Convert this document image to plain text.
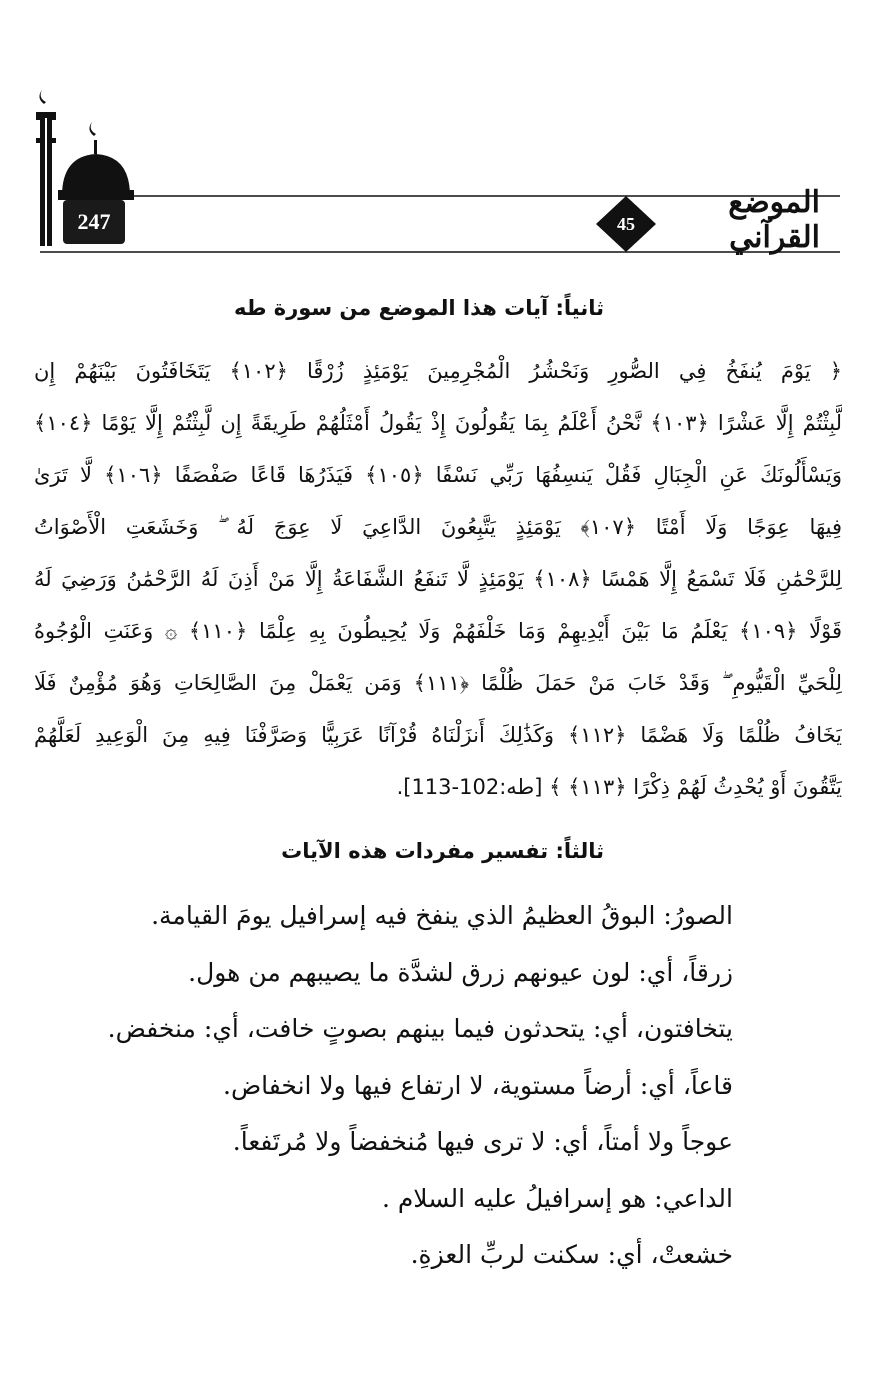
247	45
الموضع القرآني
ثانياً: آيات هذا الموضع من سورة طه
﴿ يَوْمَ يُنفَخُ فِي الصُّورِ وَنَحْشُرُ الْمُجْرِمِينَ يَوْمَئِذٍ زُرْقًا ﴿١٠٢﴾ يَتَخَافَتُونَ بَيْنَهُمْ إِن
لَّبِثْتُمْ إِلَّا عَشْرًا ﴿١٠٣﴾ نَّحْنُ أَعْلَمُ بِمَا يَقُولُونَ إِذْ يَقُولُ أَمْثَلُهُمْ طَرِيقَةً إِن لَّبِثْتُمْ إِلَّا يَوْمًا ﴿١٠٤﴾
وَيَسْأَلُونَكَ عَنِ الْجِبَالِ فَقُلْ يَنسِفُهَا رَبِّي نَسْفًا ﴿١٠٥﴾ فَيَذَرُهَا قَاعًا صَفْصَفًا ﴿١٠٦﴾ لَّا تَرَىٰ
فِيهَا عِوَجًا وَلَا أَمْتًا ﴿١٠٧﴾ يَوْمَئِذٍ يَتَّبِعُونَ الدَّاعِيَ لَا عِوَجَ لَهُ ۖ وَخَشَعَتِ الْأَصْوَاتُ
لِلرَّحْمَٰنِ فَلَا تَسْمَعُ إِلَّا هَمْسًا ﴿١٠٨﴾ يَوْمَئِذٍ لَّا تَنفَعُ الشَّفَاعَةُ إِلَّا مَنْ أَذِنَ لَهُ الرَّحْمَٰنُ وَرَضِيَ لَهُ
قَوْلًا ﴿١٠٩﴾ يَعْلَمُ مَا بَيْنَ أَيْدِيهِمْ وَمَا خَلْفَهُمْ وَلَا يُحِيطُونَ بِهِ عِلْمًا ﴿١١٠﴾ ۞ وَعَنَتِ الْوُجُوهُ
لِلْحَيِّ الْقَيُّومِ ۖ وَقَدْ خَابَ مَنْ حَمَلَ ظُلْمًا ﴿١١١﴾ وَمَن يَعْمَلْ مِنَ الصَّالِحَاتِ وَهُوَ مُؤْمِنٌ فَلَا
يَخَافُ ظُلْمًا وَلَا هَضْمًا ﴿١١٢﴾ وَكَذَٰلِكَ أَنزَلْنَاهُ قُرْآنًا عَرَبِيًّا وَصَرَّفْنَا فِيهِ مِنَ الْوَعِيدِ لَعَلَّهُمْ
يَتَّقُونَ أَوْ يُحْدِثُ لَهُمْ ذِكْرًا ﴿١١٣﴾ ﴾ [طه:102-113].
ثالثاً: تفسير مفردات هذه الآيات
الصورُ: البوقُ العظيمُ الذي ينفخ فيه إسرافيل يومَ القيامة.
زرقاً، أي: لون عيونهم زرق لشدَّة ما يصيبهم من هول.
يتخافتون، أي: يتحدثون فيما بينهم بصوتٍ خافت، أي: منخفض.
قاعاً، أي: أرضاً مستوية، لا ارتفاع فيها ولا انخفاض.
عوجاً ولا أمتاً، أي: لا ترى فيها مُنخفضاً ولا مُرتَفعاً.
الداعي: هو إسرافيلُ عليه السلام .
خشعتْ، أي: سكنت لربِّ العزةِ.
